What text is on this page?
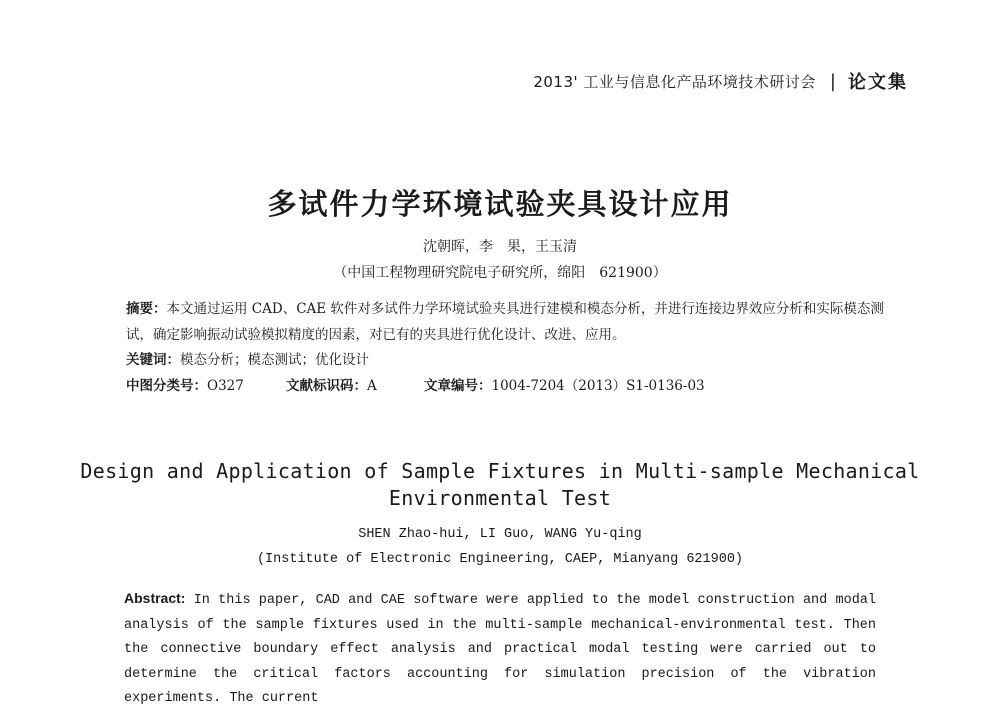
2013' 工业与信息化产品环境技术研讨会 | 论文集
多试件力学环境试验夹具设计应用
沈朝晖，李　果，王玉清
（中国工程物理研究院电子研究所，绵阳　621900）
摘要：本文通过运用 CAD、CAE 软件对多试件力学环境试验夹具进行建模和模态分析，并进行连接边界效应分析和实际模态测试，确定影响振动试验模拟精度的因素，对已有的夹具进行优化设计、改进、应用。
关键词：模态分析；模态测试；优化设计
中图分类号：O327	文献标识码：A	文章编号：1004-7204（2013）S1-0136-03
Design and Application of Sample Fixtures in Multi-sample Mechanical Environmental Test
SHEN Zhao-hui, LI Guo, WANG Yu-qing
(Institute of Electronic Engineering, CAEP, Mianyang 621900)
Abstract: In this paper, CAD and CAE software were applied to the model construction and modal analysis of the sample fixtures used in the multi-sample mechanical-environmental test. Then the connective boundary effect analysis and practical modal testing were carried out to determine the critical factors accounting for simulation precision of the vibration experiments. The current
